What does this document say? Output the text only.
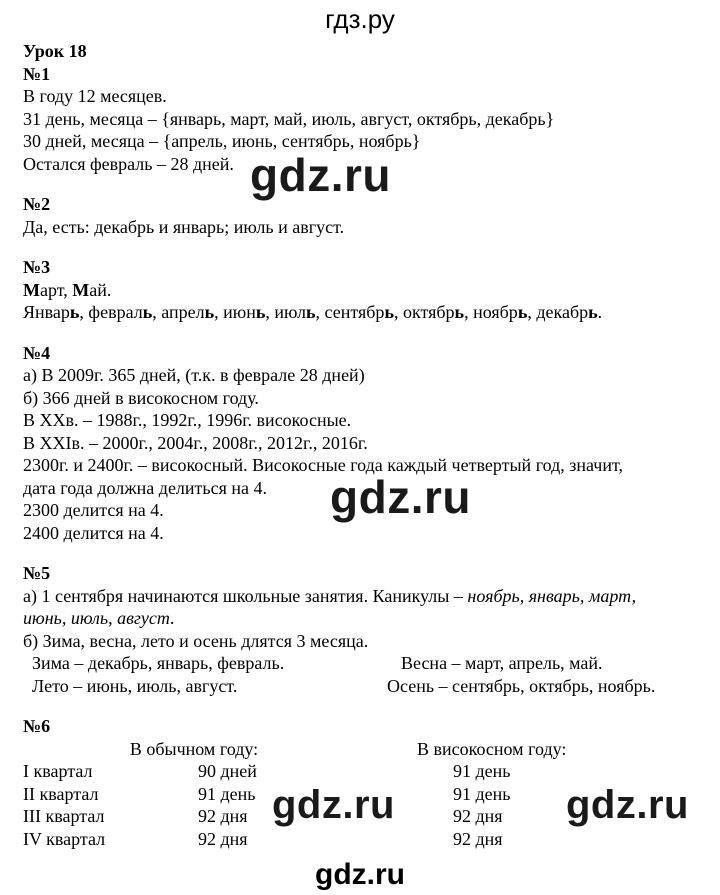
гдз.ру

Урок 18

№1

В году 12 месяцев.

31 день, месяца – {январь, март, май, июль, август, октябрь, декабрь}

30 дней, месяца – {апрель, июнь, сентябрь, ноябрь}

Остался февраль – 28 дней.

№2

Да, есть: декабрь и январь; июль и август.

№3

Март, Май.

Январь, февраль, апрель, июнь, июль, сентябрь, октябрь, ноябрь, декабрь.

№4

а) В 2009г. 365 дней, (т.к. в феврале 28 дней)

б) 366 дней в високосном году.

В XXв. – 1988г., 1992г., 1996г. високосные.

В XXIв. – 2000г., 2004г., 2008г., 2012г., 2016г.

2300г. и 2400г. – високосный. Високосные года каждый четвертый год, значит,

дата года должна делиться на 4.

2300 делится на 4.

2400 делится на 4.

№5

а) 1 сентября начинаются школьные занятия. Каникулы – ноябрь, январь, март,

июнь, июль, август.

б) Зима, весна, лето и осень длятся 3 месяца.

Зима – декабрь, январь, февраль.	Весна – март, апрель, май.

Лето – июнь, июль, август.	Осень – сентябрь, октябрь, ноябрь.

№6

В обычном году:	В високосном году:

I квартал	90 дней	91 день

II квартал	91 день	91 день

III квартал	92 дня	92 дня

IV квартал	92 дня	92 дня

gdz.ru
gdz.ru
gdz.ru	gdz.ru
gdz.ru
